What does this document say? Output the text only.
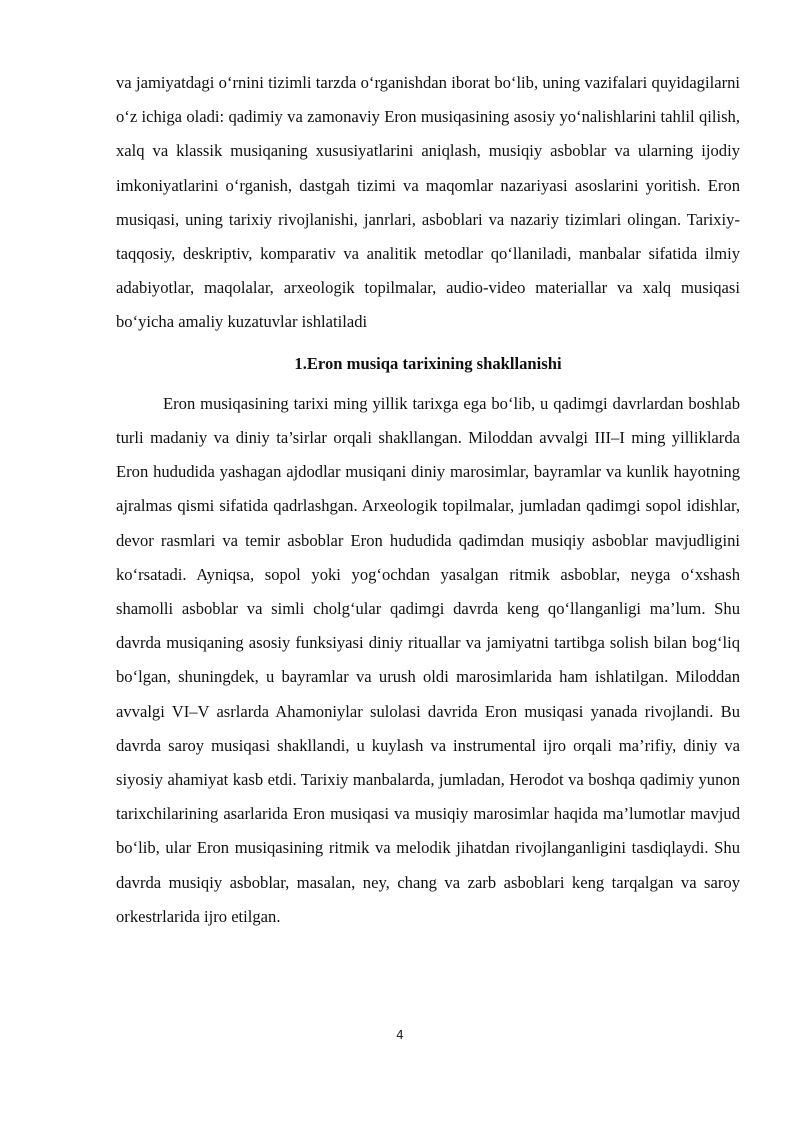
va jamiyatdagi o‘rnini tizimli tarzda o‘rganishdan iborat bo‘lib, uning vazifalari quyidagilarni o‘z ichiga oladi: qadimiy va zamonaviy Eron musiqasining asosiy yo‘nalishlarini tahlil qilish, xalq va klassik musiqaning xususiyatlarini aniqlash, musiqiy asboblar va ularning ijodiy imkoniyatlarini o‘rganish, dastgah tizimi va maqomlar nazariyasi asoslarini yoritish. Eron musiqasi, uning tarixiy rivojlanishi, janrlari, asboblari va nazariy tizimlari olingan. Tarixiy-taqqosiy, deskriptiv, komparativ va analitik metodlar qo‘llaniladi, manbalar sifatida ilmiy adabiyotlar, maqolalar, arxeologik topilmalar, audio-video materiallar va xalq musiqasi bo‘yicha amaliy kuzatuvlar ishlatiladi

1.Eron musiqa tarixining shakllanishi

Eron musiqasining tarixi ming yillik tarixga ega bo‘lib, u qadimgi davrlardan boshlab turli madaniy va diniy ta’sirlar orqali shakllangan. Miloddan avvalgi III–I ming yilliklarda Eron hududida yashagan ajdodlar musiqani diniy marosimlar, bayramlar va kunlik hayotning ajralmas qismi sifatida qadrlashgan. Arxeologik topilmalar, jumladan qadimgi sopol idishlar, devor rasmlari va temir asboblar Eron hududida qadimdan musiqiy asboblar mavjudligini ko‘rsatadi. Ayniqsa, sopol yoki yog‘ochdan yasalgan ritmik asboblar, neyga o‘xshash shamolli asboblar va simli cholg‘ular qadimgi davrda keng qo‘llanganligi ma’lum. Shu davrda musiqaning asosiy funksiyasi diniy rituallar va jamiyatni tartibga solish bilan bog‘liq bo‘lgan, shuningdek, u bayramlar va urush oldi marosimlarida ham ishlatilgan. Miloddan avvalgi VI–V asrlarda Ahamoniylar sulolasi davrida Eron musiqasi yanada rivojlandi. Bu davrda saroy musiqasi shakllandi, u kuylash va instrumental ijro orqali ma’rifiy, diniy va siyosiy ahamiyat kasb etdi. Tarixiy manbalarda, jumladan, Herodot va boshqa qadimiy yunon tarixchilarining asarlarida Eron musiqasi va musiqiy marosimlar haqida ma’lumotlar mavjud bo‘lib, ular Eron musiqasining ritmik va melodik jihatdan rivojlanganligini tasdiqlaydi. Shu davrda musiqiy asboblar, masalan, ney, chang va zarb asboblari keng tarqalgan va saroy orkestrlarida ijro etilgan.

4
